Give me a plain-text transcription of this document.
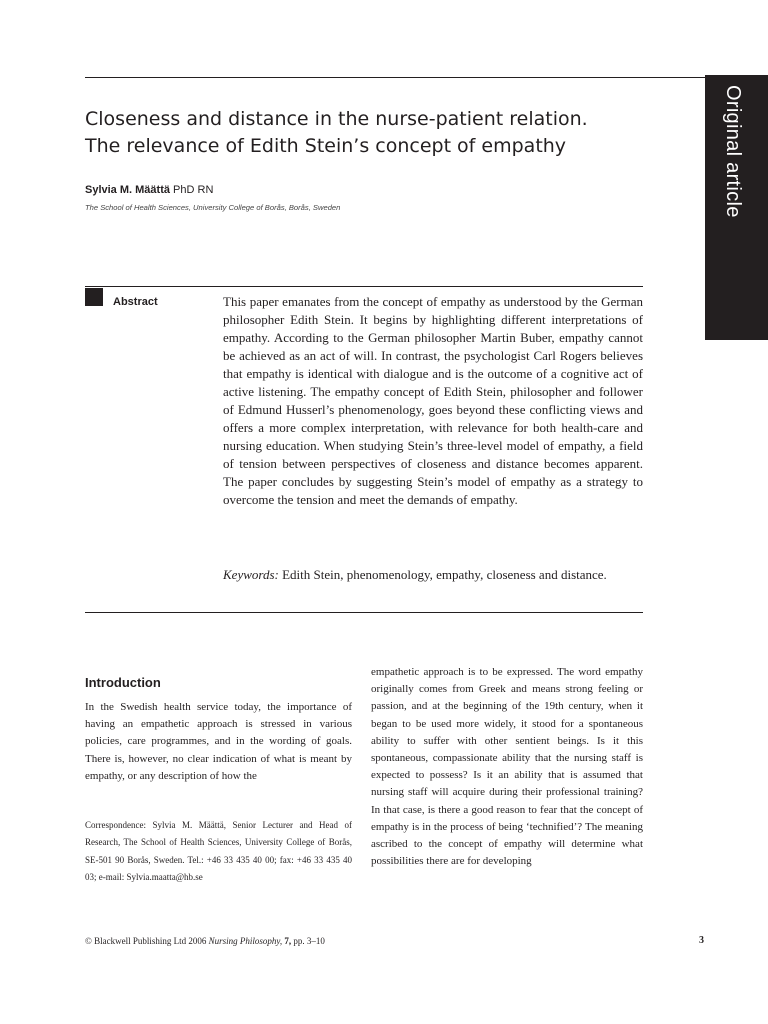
Original article
Closeness and distance in the nurse-patient relation.
The relevance of Edith Stein’s concept of empathy
Sylvia M. Määttä PhD RN
The School of Health Sciences, University College of Borås, Borås, Sweden
Abstract	This paper emanates from the concept of empathy as understood by the German philosopher Edith Stein. It begins by highlighting different interpretations of empathy. According to the German philosopher Martin Buber, empathy cannot be achieved as an act of will. In contrast, the psychologist Carl Rogers believes that empathy is identical with dialogue and is the outcome of a cognitive act of active listening. The empathy concept of Edith Stein, philosopher and follower of Edmund Husserl’s phenomenology, goes beyond these conflicting views and offers a more complex interpretation, with relevance for both health-care and nursing education. When studying Stein’s three-level model of empathy, a field of tension between perspectives of closeness and distance becomes apparent. The paper concludes by suggesting Stein’s model of empathy as a strategy to overcome the tension and meet the demands of empathy.

Keywords: Edith Stein, phenomenology, empathy, closeness and distance.

Introduction

In the Swedish health service today, the importance of having an empathetic approach is stressed in various policies, care programmes, and in the wording of goals. There is, however, no clear indication of what is meant by empathy, or any description of how the

Correspondence: Sylvia M. Määttä, Senior Lecturer and Head of Research, The School of Health Sciences, University College of Borås, SE-501 90 Borås, Sweden. Tel.: +46 33 435 40 00; fax: +46 33 435 40 03; e-mail: Sylvia.maatta@hb.se

empathetic approach is to be expressed. The word empathy originally comes from Greek and means strong feeling or passion, and at the beginning of the 19th century, when it began to be used more widely, it stood for a spontaneous ability to suffer with other sentient beings. Is it this spontaneous, compassionate ability that the nursing staff is expected to possess? Is it an ability that is assumed that nursing staff will acquire during their professional training? In that case, is there a good reason to fear that the concept of empathy is in the process of being ‘technified’? The meaning ascribed to the concept of empathy will determine what possibilities there are for developing

© Blackwell Publishing Ltd 2006 Nursing Philosophy, 7, pp. 3–10	3
